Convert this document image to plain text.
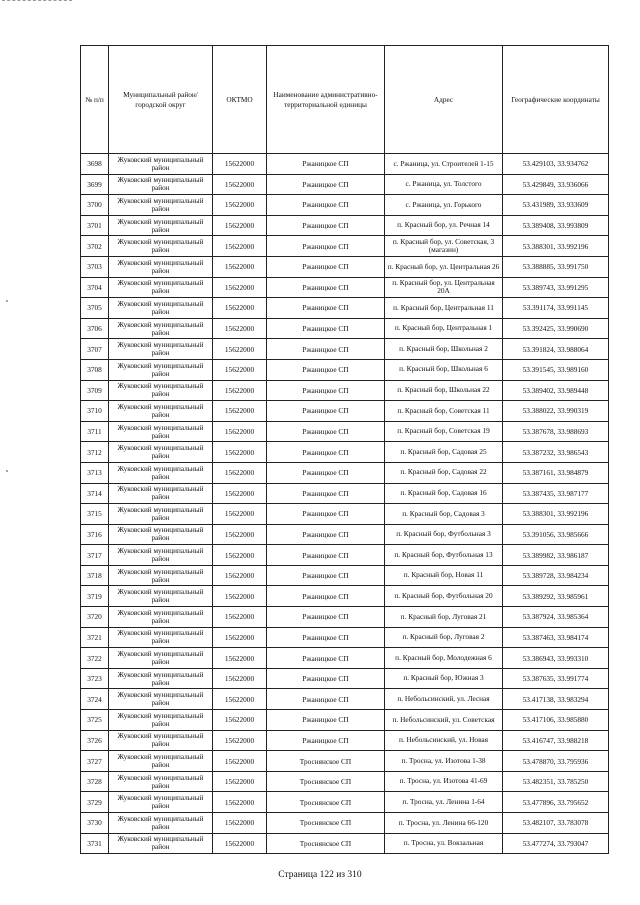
№ п/п	Муниципальный район/городской округ	ОКТМО	Наименование административно-территориальной единицы	Адрес	Географические координаты
3698	Жуковский муниципальный район	15622000	Ржаницкое СП	с. Ржаница, ул. Строителей 1-15	53.429103, 33.934762
3699	Жуковский муниципальный район	15622000	Ржаницкое СП	с. Ржаница, ул. Толстого	53.429849, 33.936066
3700	Жуковский муниципальный район	15622000	Ржаницкое СП	с. Ржаница, ул. Горького	53.431989, 33.933609
3701	Жуковский муниципальный район	15622000	Ржаницкое СП	п. Красный бор, ул. Речная 14	53.389408, 33.993809
3702	Жуковский муниципальный район	15622000	Ржаницкое СП	п. Красный бор, ул. Советская, 3 (магазин)	53.388301, 33.992196
3703	Жуковский муниципальный район	15622000	Ржаницкое СП	п. Красный бор, ул. Центральная 26	53.388885, 33.991750
3704	Жуковский муниципальный район	15622000	Ржаницкое СП	п. Красный бор, ул. Центральная 20А	53.389743, 33.991295
3705	Жуковский муниципальный район	15622000	Ржаницкое СП	п. Красный бор, Центральная 11	53.391174, 33.991145
3706	Жуковский муниципальный район	15622000	Ржаницкое СП	п. Красный бор, Центральная 1	53.392425, 33.990690
3707	Жуковский муниципальный район	15622000	Ржаницкое СП	п. Красный бор, Школьная 2	53.391824, 33.988064
3708	Жуковский муниципальный район	15622000	Ржаницкое СП	п. Красный бор, Школьная 6	53.391545, 33.989160
3709	Жуковский муниципальный район	15622000	Ржаницкое СП	п. Красный бор, Школьная 22	53.389402, 33.989448
3710	Жуковский муниципальный район	15622000	Ржаницкое СП	п. Красный бор, Советская 11	53.388022, 33.990319
3711	Жуковский муниципальный район	15622000	Ржаницкое СП	п. Красный бор, Советская 19	53.387678, 33.988693
3712	Жуковский муниципальный район	15622000	Ржаницкое СП	п. Красный бор, Садовая 25	53.387232, 33.986543
3713	Жуковский муниципальный район	15622000	Ржаницкое СП	п. Красный бор, Садовая 22	53.387161, 33.984879
3714	Жуковский муниципальный район	15622000	Ржаницкое СП	п. Красный бор, Садовая 16	53.387435, 33.987177
3715	Жуковский муниципальный район	15622000	Ржаницкое СП	п. Красный бор, Садовая 3	53.388301, 33.992196
3716	Жуковский муниципальный район	15622000	Ржаницкое СП	п. Красный бор, Футбольная 3	53.391056, 33.985666
3717	Жуковский муниципальный район	15622000	Ржаницкое СП	п. Красный бор, Футбольная 13	53.389982, 33.986187
3718	Жуковский муниципальный район	15622000	Ржаницкое СП	п. Красный бор, Новая 11	53.389728, 33.984234
3719	Жуковский муниципальный район	15622000	Ржаницкое СП	п. Красный бор, Футбольная 20	53.389292, 33.985961
3720	Жуковский муниципальный район	15622000	Ржаницкое СП	п. Красный бор, Луговая 21	53.387924, 33.985364
3721	Жуковский муниципальный район	15622000	Ржаницкое СП	п. Красный бор, Луговая 2	53.387463, 33.984174
3722	Жуковский муниципальный район	15622000	Ржаницкое СП	п. Красный бор, Молодежная 6	53.386943, 33.993310
3723	Жуковский муниципальный район	15622000	Ржаницкое СП	п. Красный бор, Южная 3	53.387635, 33.991774
3724	Жуковский муниципальный район	15622000	Ржаницкое СП	п. Небольсинский, ул. Лесная	53.417138, 33.983294
3725	Жуковский муниципальный район	15622000	Ржаницкое СП	п. Небольсинский, ул. Советская	53.417106, 33.985880
3726	Жуковский муниципальный район	15622000	Ржаницкое СП	п. Небольсинский, ул. Новая	53.416747, 33.988218
3727	Жуковский муниципальный район	15622000	Троснянское СП	п. Тросна, ул. Изотова 1-38	53.478870, 33.795936
3728	Жуковский муниципальный район	15622000	Троснянское СП	п. Тросна, ул. Изотова 41-69	53.482351, 33.785250
3729	Жуковский муниципальный район	15622000	Троснянское СП	п. Тросна, ул. Ленина 1-64	53.477896, 33.795652
3730	Жуковский муниципальный район	15622000	Троснянское СП	п. Тросна, ул. Ленина 66-120	53.482107, 33.783078
3731	Жуковский муниципальный район	15622000	Троснянское СП	п. Тросна, ул. Вокзальная	53.477274, 33.793047
Страница 122 из 310
